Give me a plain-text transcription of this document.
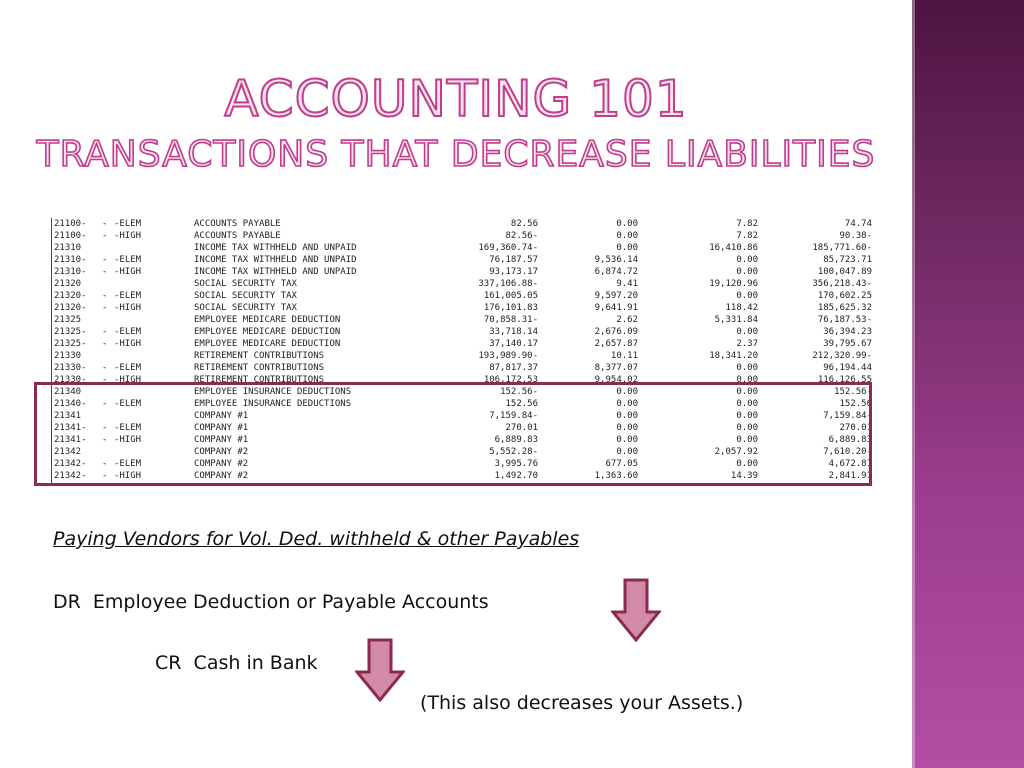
ACCOUNTING 101
TRANSACTIONS THAT DECREASE LIABILITIES
21100-	-	-ELEM	ACCOUNTS PAYABLE	82.56	0.00	7.82	74.74
21100-	-	-HIGH	ACCOUNTS PAYABLE	82.56-	0.00	7.82	90.38-
21310			INCOME TAX WITHHELD AND UNPAID	169,360.74-	0.00	16,410.86	185,771.60-
21310-	-	-ELEM	INCOME TAX WITHHELD AND UNPAID	76,187.57	9,536.14	0.00	85,723.71
21310-	-	-HIGH	INCOME TAX WITHHELD AND UNPAID	93,173.17	6,874.72	0.00	100,047.89
21320			SOCIAL SECURITY TAX	337,106.88-	9.41	19,120.96	356,218.43-
21320-	-	-ELEM	SOCIAL SECURITY TAX	161,005.05	9,597.20	0.00	170,602.25
21320-	-	-HIGH	SOCIAL SECURITY TAX	176,101.83	9,641.91	118.42	185,625.32
21325			EMPLOYEE MEDICARE DEDUCTION	70,858.31-	2.62	5,331.84	76,187.53-
21325-	-	-ELEM	EMPLOYEE MEDICARE DEDUCTION	33,718.14	2,676.09	0.00	36,394.23
21325-	-	-HIGH	EMPLOYEE MEDICARE DEDUCTION	37,140.17	2,657.87	2.37	39,795.67
21330			RETIREMENT CONTRIBUTIONS	193,989.90-	10.11	18,341.20	212,320.99-
21330-	-	-ELEM	RETIREMENT CONTRIBUTIONS	87,817.37	8,377.07	0.00	96,194.44
21330-	-	-HIGH	RETIREMENT CONTRIBUTIONS	106,172.53	9,954.02	0.00	116,126.55
21340			EMPLOYEE INSURANCE DEDUCTIONS	152.56-	0.00	0.00	152.56-
21340-	-	-ELEM	EMPLOYEE INSURANCE DEDUCTIONS	152.56	0.00	0.00	152.56
21341			COMPANY #1	7,159.84-	0.00	0.00	7,159.84-
21341-	-	-ELEM	COMPANY #1	270.01	0.00	0.00	270.01
21341-	-	-HIGH	COMPANY #1	6,889.83	0.00	0.00	6,889.83
21342			COMPANY #2	5,552.28-	0.00	2,057.92	7,610.20-
21342-	-	-ELEM	COMPANY #2	3,995.76	677.05	0.00	4,672.81
21342-	-	-HIGH	COMPANY #2	1,492.70	1,363.60	14.39	2,841.91
Paying Vendors for Vol. Ded. withheld & other Payables
DR  Employee Deduction or Payable Accounts
CR  Cash in Bank
(This also decreases your Assets.)
